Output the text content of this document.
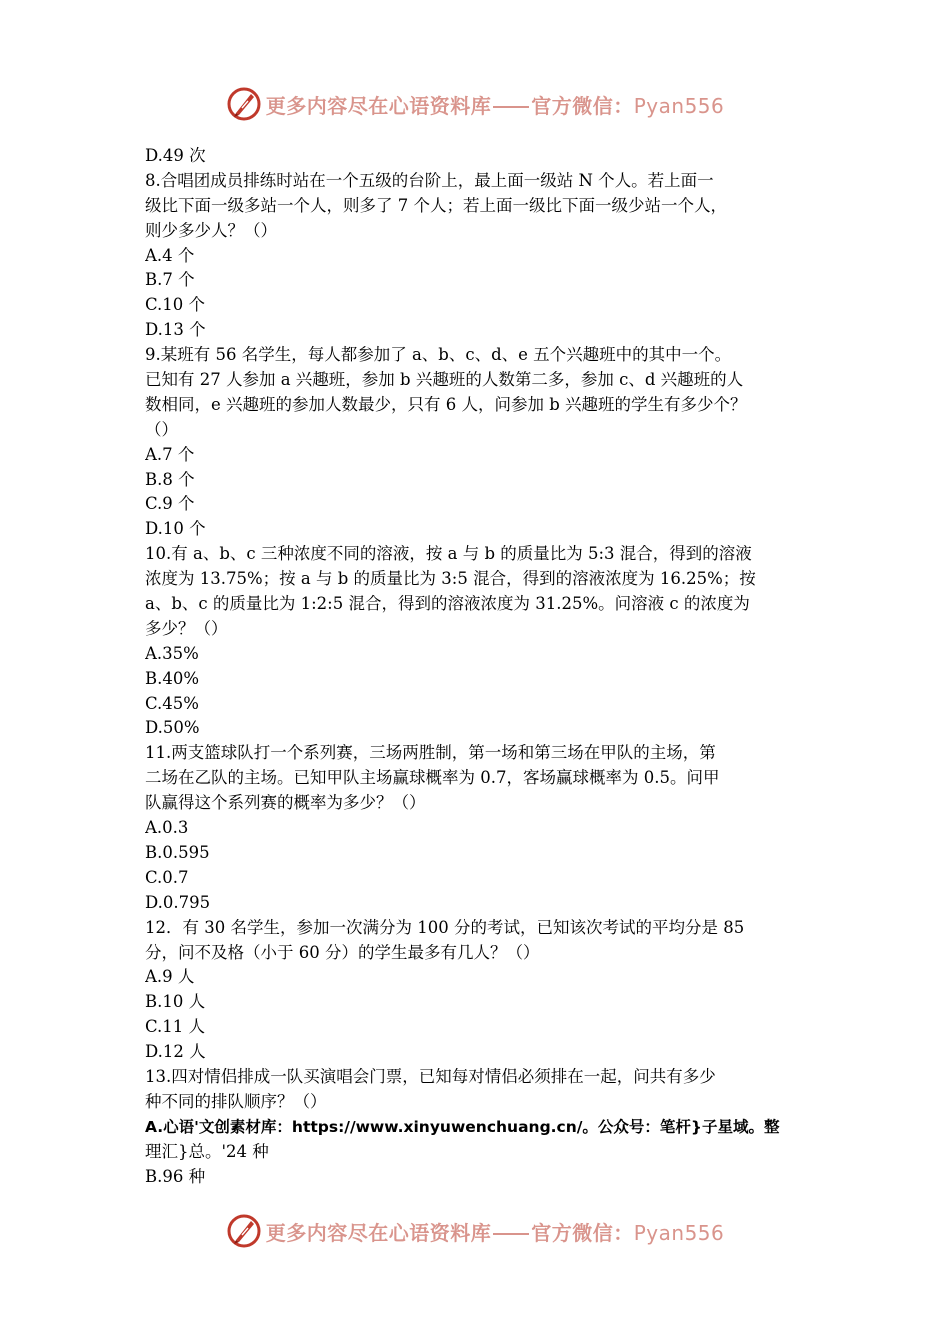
更多内容尽在心语资料库 官方微信：Pyan556
D.49 次
8.合唱团成员排练时站在一个五级的台阶上，最上面一级站 N 个人。若上面一
级比下面一级多站一个人，则多了 7 个人；若上面一级比下面一级少站一个人，
则少多少人？（）
A.4 个
B.7 个
C.10 个
D.13 个
9.某班有 56 名学生，每人都参加了 a、b、c、d、e 五个兴趣班中的其中一个。
已知有 27 人参加 a 兴趣班，参加 b 兴趣班的人数第二多，参加 c、d 兴趣班的人
数相同，e 兴趣班的参加人数最少，只有 6 人，问参加 b 兴趣班的学生有多少个？
（）
A.7 个
B.8 个
C.9 个
D.10 个
10.有 a、b、c 三种浓度不同的溶液，按 a 与 b 的质量比为 5:3 混合，得到的溶液
浓度为 13.75%；按 a 与 b 的质量比为 3:5 混合，得到的溶液浓度为 16.25%；按
a、b、c 的质量比为 1:2:5 混合，得到的溶液浓度为 31.25%。问溶液 c 的浓度为
多少？（）
A.35%
B.40%
C.45%
D.50%
11.两支篮球队打一个系列赛，三场两胜制，第一场和第三场在甲队的主场，第
二场在乙队的主场。已知甲队主场赢球概率为 0.7，客场赢球概率为 0.5。问甲
队赢得这个系列赛的概率为多少？（）
A.0.3
B.0.595
C.0.7
D.0.795
12．有 30 名学生，参加一次满分为 100 分的考试，已知该次考试的平均分是 85
分，问不及格（小于 60 分）的学生最多有几人？（）
A.9 人
B.10 人
C.11 人
D.12 人
13.四对情侣排成一队买演唱会门票，已知每对情侣必须排在一起，问共有多少
种不同的排队顺序？（）
A.心语'文创素材库：https://www.xinyuwenchuang.cn/。公众号：笔杆}子星域。整
理汇}总。'24 种
B.96 种
更多内容尽在心语资料库 官方微信：Pyan556
